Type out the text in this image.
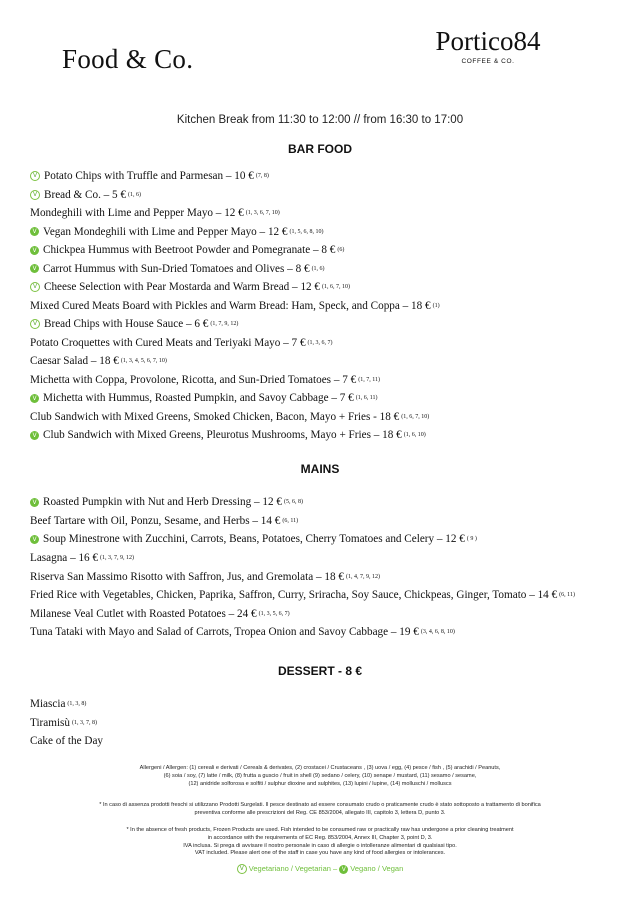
Food & Co.
Portico84
COFFEE & CO.
Kitchen Break from 11:30 to 12:00 // from 16:30 to 17:00
BAR FOOD
V Potato Chips with Truffle and Parmesan – 10 € (7, 8)
V Bread & Co. – 5 € (1, 6)
Mondeghili with Lime and Pepper Mayo – 12 € (1, 3, 6, 7, 10)
V Vegan Mondeghili with Lime and Pepper Mayo – 12 € (1, 5, 6, 8, 10)
V Chickpea Hummus with Beetroot Powder and Pomegranate – 8 € (6)
V Carrot Hummus with Sun-Dried Tomatoes and Olives – 8 € (1, 6)
V Cheese Selection with Pear Mostarda and Warm Bread – 12 € (1, 6, 7, 10)
Mixed Cured Meats Board with Pickles and Warm Bread: Ham, Speck, and Coppa – 18 € (1)
V Bread Chips with House Sauce – 6 € (1, 7, 9, 12)
Potato Croquettes with Cured Meats and Teriyaki Mayo – 7 € (1, 3, 6, 7)
Caesar Salad – 18 € (1, 3, 4, 5, 6, 7, 10)
Michetta with Coppa, Provolone, Ricotta, and Sun-Dried Tomatoes – 7 € (1, 7, 11)
V Michetta with Hummus, Roasted Pumpkin, and Savoy Cabbage – 7 € (1, 6, 11)
Club Sandwich with Mixed Greens, Smoked Chicken, Bacon, Mayo + Fries - 18 € (1, 6, 7, 10)
V Club Sandwich with Mixed Greens, Pleurotus Mushrooms, Mayo + Fries – 18 € (1, 6, 10)
MAINS
V Roasted Pumpkin with Nut and Herb Dressing – 12 € (5, 6, 8)
Beef Tartare with Oil, Ponzu, Sesame, and Herbs – 14 € (6, 11)
V Soup Minestrone with Zucchini, Carrots, Beans, Potatoes, Cherry Tomatoes and Celery – 12 € ( 9 )
Lasagna – 16 € (1, 3, 7, 9, 12)
Riserva San Massimo Risotto with Saffron, Jus, and Gremolata – 18 € (1, 4, 7, 9, 12)
Fried Rice with Vegetables, Chicken, Paprika, Saffron, Curry, Sriracha, Soy Sauce, Chickpeas, Ginger, Tomato – 14 € (6, 11)
Milanese Veal Cutlet with Roasted Potatoes – 24 € (1, 3, 5, 6, 7)
Tuna Tataki with Mayo and Salad of Carrots, Tropea Onion and Savoy Cabbage – 19 € (3, 4, 6, 8, 10)
DESSERT - 8 €
Miascia (1, 3, 8)
Tiramisù (1, 3, 7, 8)
Cake of the Day
Allergeni / Allergen: (1) cereali e derivati / Cereals & derivates, (2) crostacei / Crustaceans , (3) uova / egg, (4) pesce / fish , (5) arachidi / Peanuts,
(6) soia / soy, (7) latte / milk, (8) frutta a guscio / fruit in shell (9) sedano / celery, (10) senape / mustard, (11) sesamo / sesame,
(12) anidride solforosa e solfiti / sulphur dioxine and sulphites, (13) lupini / lupine, (14) molluschi / molluscs
* In caso di assenza prodotti freschi si utilizzano Prodotti Surgelati. Il pesce destinato ad essere consumato crudo o praticamente crudo è stato sottoposto a trattamento di bonifica
preventiva conforme alle prescrizioni del Reg. CE 853/2004, allegato III, capitolo 3, lettera D, punto 3.
* In the absence of fresh products, Frozen Products are used. Fish intended to be consumed raw or practically raw has undergone a prior cleaning treatment
in accordance with the requirements of EC Reg. 853/2004, Annex III, Chapter 3, point D, 3.
IVA inclusa. Si prega di avvisare il nostro personale in caso di allergie o intolleranze alimentari di qualsiasi tipo.
VAT included. Please alert one of the staff in case you have any kind of food allergies or intolerances.
V Vegetariano / Vegetarian – V Vegano / Vegan
